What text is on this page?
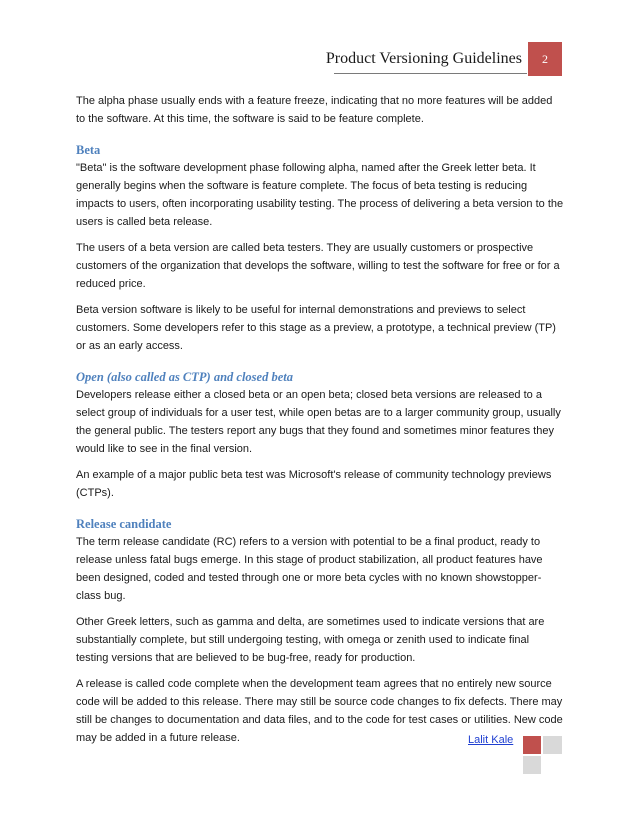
Product Versioning Guidelines 2

The alpha phase usually ends with a feature freeze, indicating that no more features will be added to the software. At this time, the software is said to be feature complete.

Beta

"Beta" is the software development phase following alpha, named after the Greek letter beta. It generally begins when the software is feature complete. The focus of beta testing is reducing impacts to users, often incorporating usability testing. The process of delivering a beta version to the users is called beta release.

The users of a beta version are called beta testers. They are usually customers or prospective customers of the organization that develops the software, willing to test the software for free or for a reduced price.

Beta version software is likely to be useful for internal demonstrations and previews to select customers. Some developers refer to this stage as a preview, a prototype, a technical preview (TP) or as an early access.

Open (also called as CTP) and closed beta

Developers release either a closed beta or an open beta; closed beta versions are released to a select group of individuals for a user test, while open betas are to a larger community group, usually the general public. The testers report any bugs that they found and sometimes minor features they would like to see in the final version.

An example of a major public beta test was Microsoft's release of community technology previews (CTPs).

Release candidate

The term release candidate (RC) refers to a version with potential to be a final product, ready to release unless fatal bugs emerge. In this stage of product stabilization, all product features have been designed, coded and tested through one or more beta cycles with no known showstopper-class bug.

Other Greek letters, such as gamma and delta, are sometimes used to indicate versions that are substantially complete, but still undergoing testing, with omega or zenith used to indicate final testing versions that are believed to be bug-free, ready for production.

A release is called code complete when the development team agrees that no entirely new source code will be added to this release. There may still be source code changes to fix defects. There may still be changes to documentation and data files, and to the code for test cases or utilities. New code may be added in a future release.	Lalit Kale
